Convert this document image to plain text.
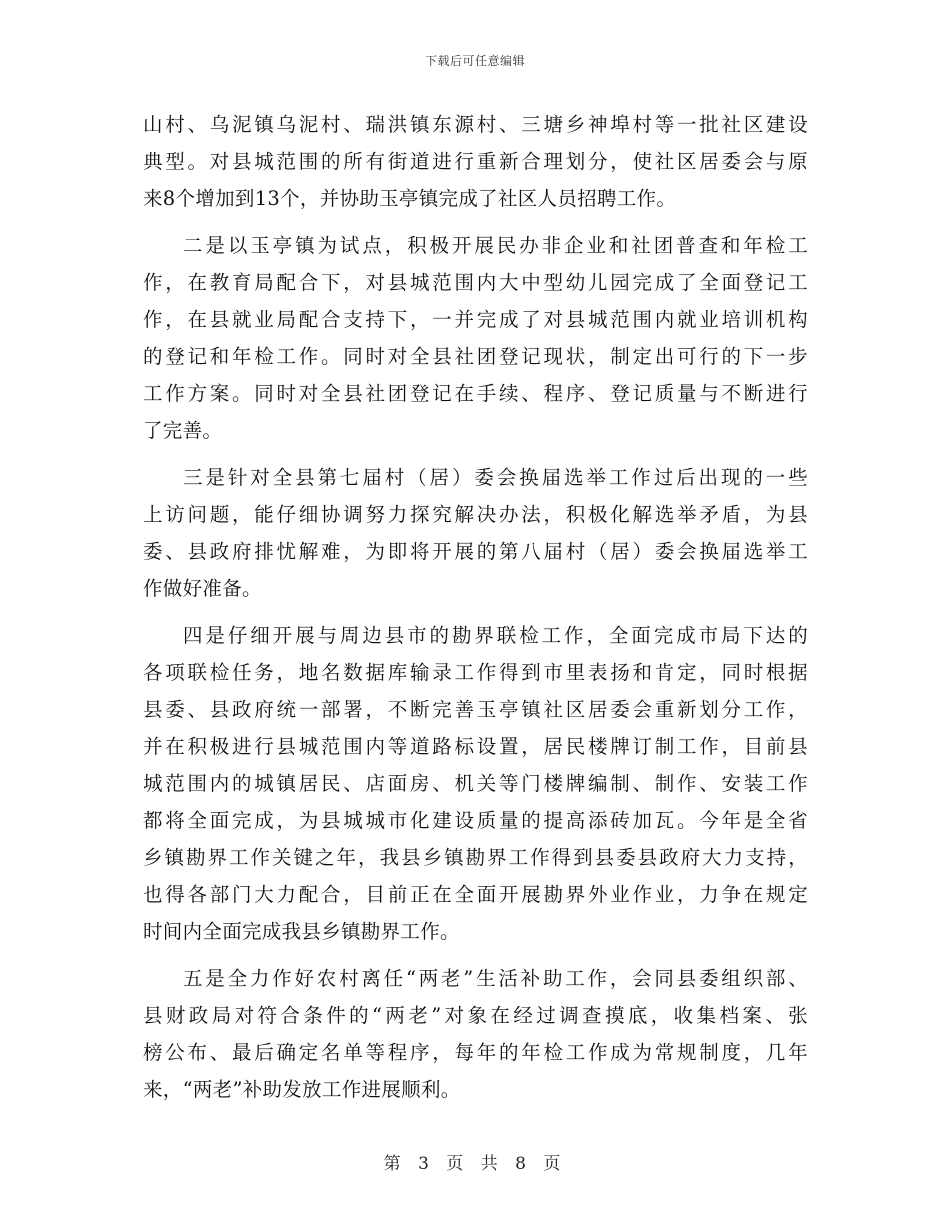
下载后可任意编辑
山村、乌泥镇乌泥村、瑞洪镇东源村、三塘乡神埠村等一批社区建设
典型。对县城范围的所有街道进行重新合理划分，使社区居委会与原
来8个增加到13个，并协助玉亭镇完成了社区人员招聘工作。
二是以玉亭镇为试点，积极开展民办非企业和社团普查和年检工
作，在教育局配合下，对县城范围内大中型幼儿园完成了全面登记工
作，在县就业局配合支持下，一并完成了对县城范围内就业培训机构
的登记和年检工作。同时对全县社团登记现状，制定出可行的下一步
工作方案。同时对全县社团登记在手续、程序、登记质量与不断进行
了完善。
三是针对全县第七届村（居）委会换届选举工作过后出现的一些
上访问题，能仔细协调努力探究解决办法，积极化解选举矛盾，为县
委、县政府排忧解难，为即将开展的第八届村（居）委会换届选举工
作做好准备。
四是仔细开展与周边县市的勘界联检工作，全面完成市局下达的
各项联检任务，地名数据库输录工作得到市里表扬和肯定，同时根据
县委、县政府统一部署，不断完善玉亭镇社区居委会重新划分工作，
并在积极进行县城范围内等道路标设置，居民楼牌订制工作，目前县
城范围内的城镇居民、店面房、机关等门楼牌编制、制作、安装工作
都将全面完成，为县城城市化建设质量的提高添砖加瓦。今年是全省
乡镇勘界工作关键之年，我县乡镇勘界工作得到县委县政府大力支持，
也得各部门大力配合，目前正在全面开展勘界外业作业，力争在规定
时间内全面完成我县乡镇勘界工作。
五是全力作好农村离任“两老”生活补助工作，会同县委组织部、
县财政局对符合条件的“两老”对象在经过调查摸底，收集档案、张
榜公布、最后确定名单等程序，每年的年检工作成为常规制度，几年
来，“两老”补助发放工作进展顺利。
第 3 页 共 8 页
